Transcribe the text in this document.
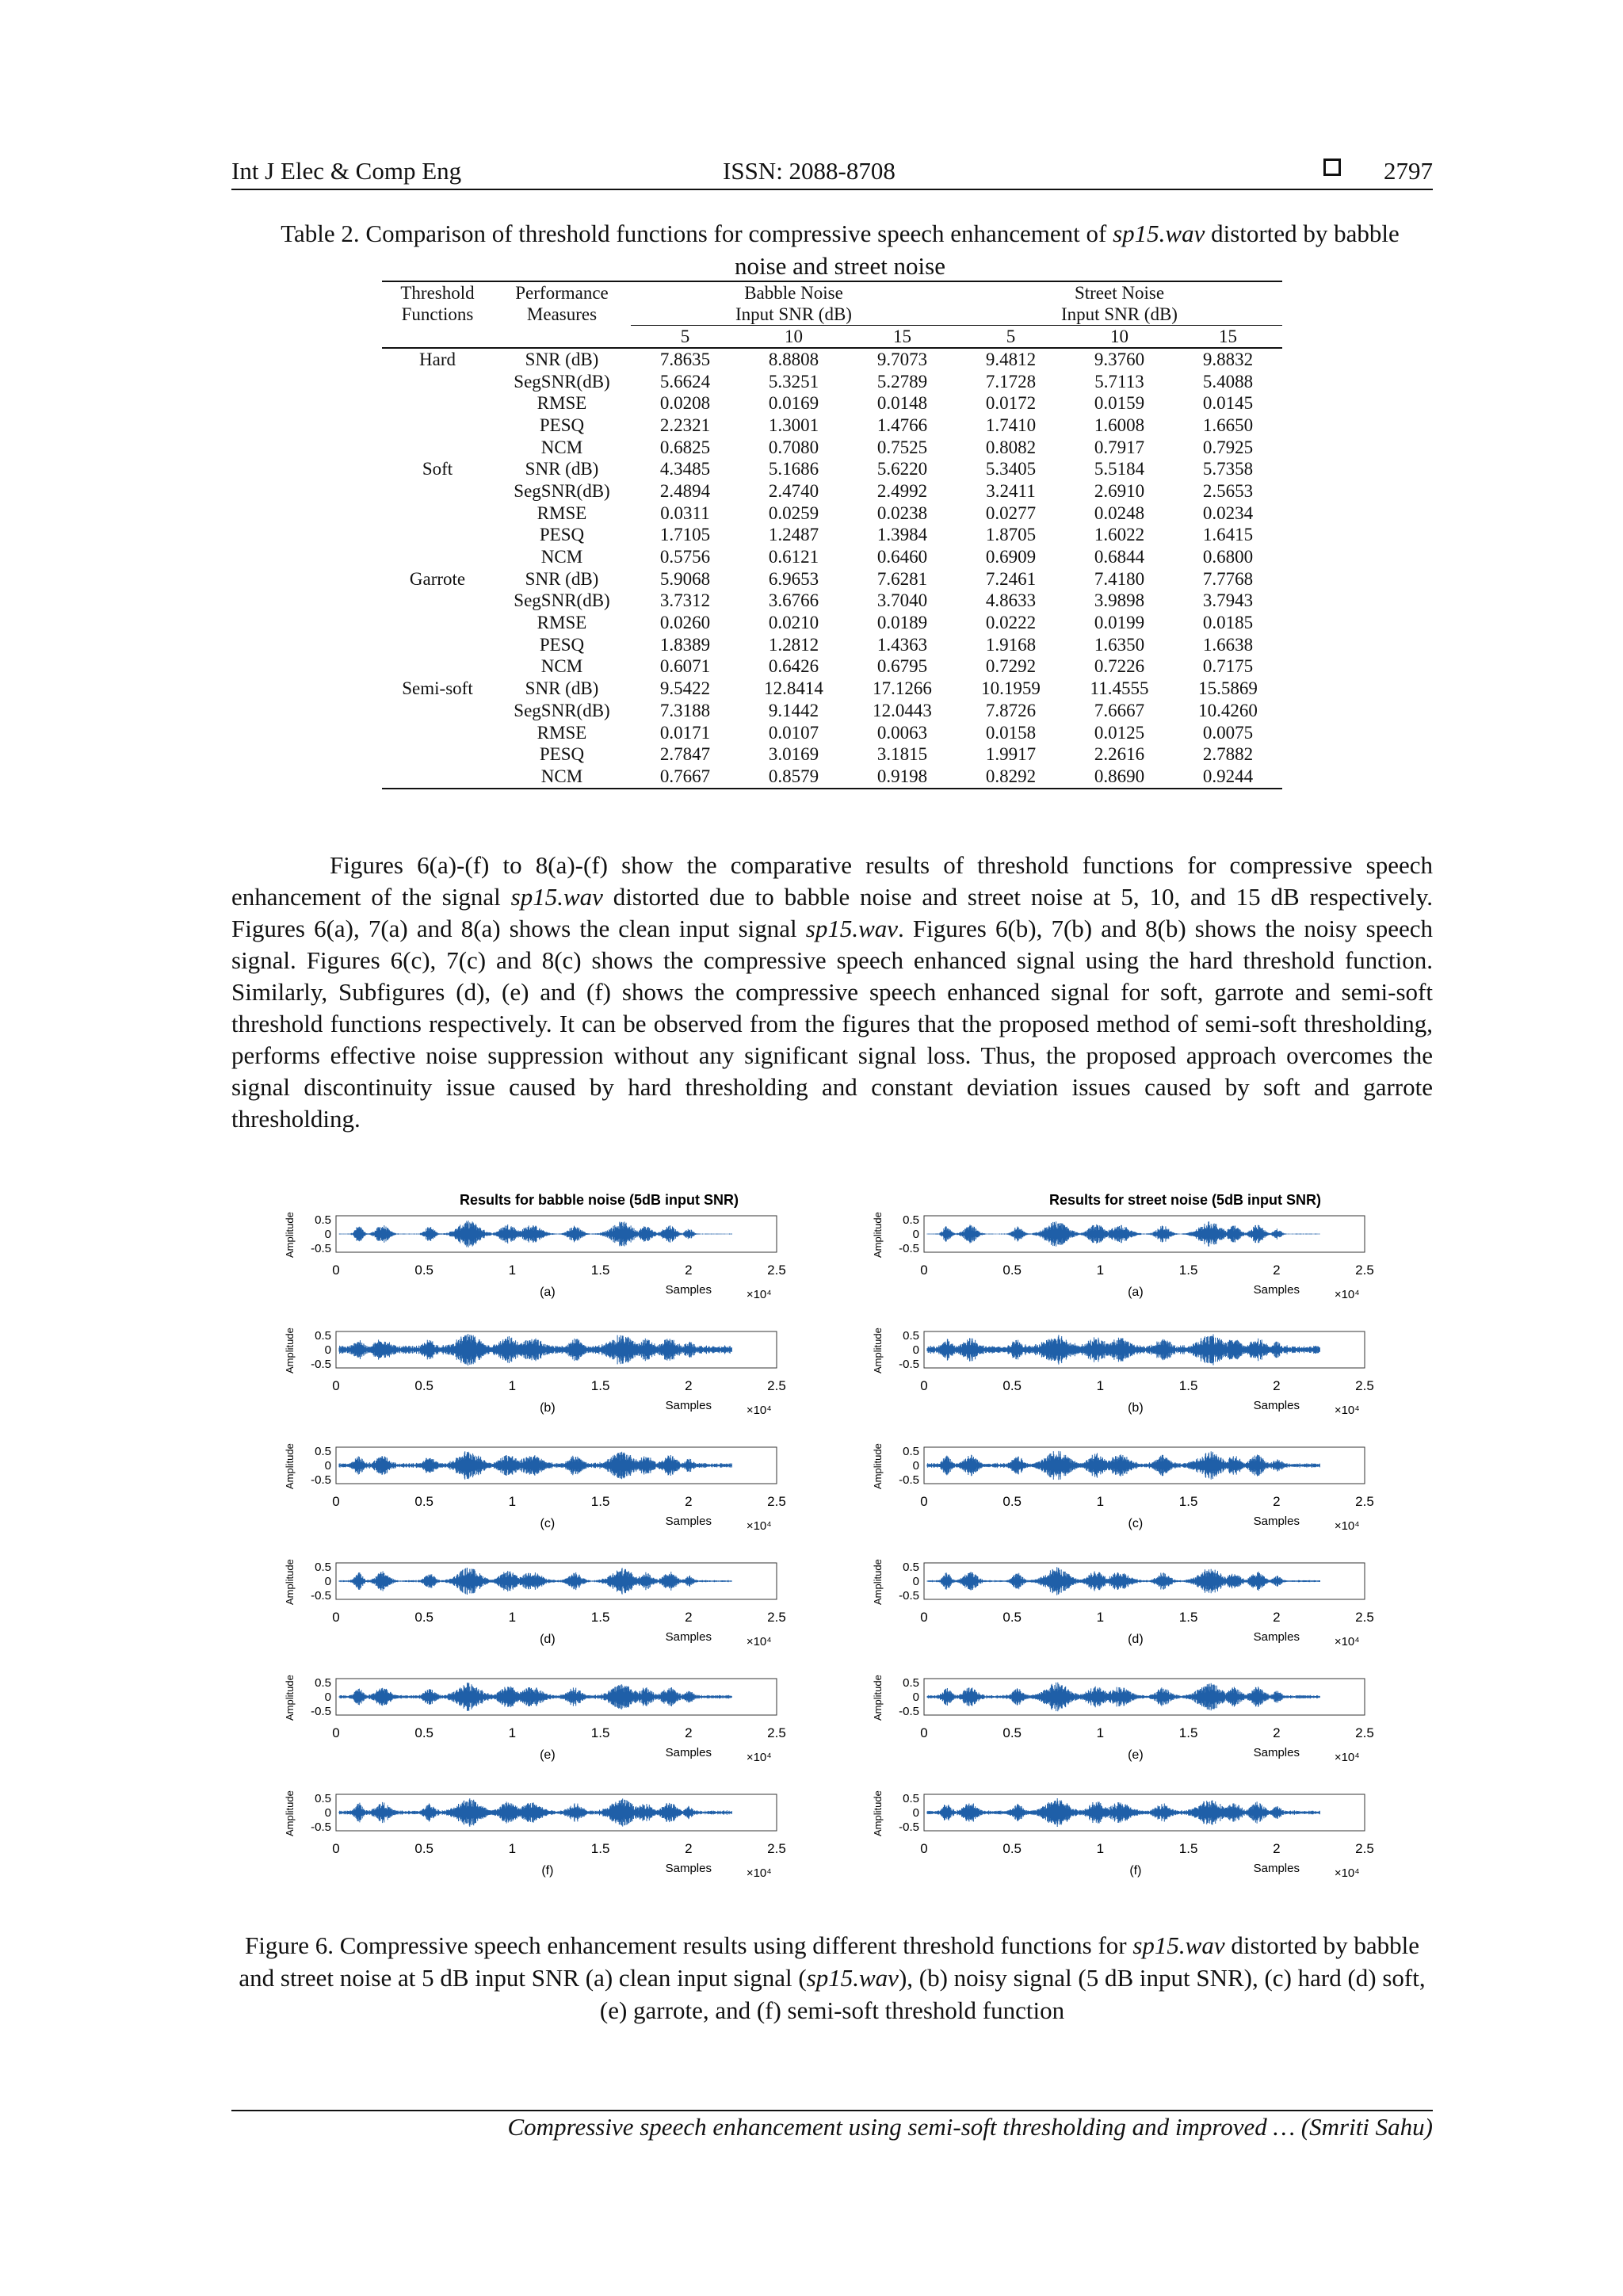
Int J Elec & Comp Eng	ISSN: 2088-8708	2797
Table 2. Comparison of threshold functions for compressive speech enhancement of sp15.wav distorted by babble noise and street noise
Threshold Functions	Performance Measures	Babble Noise			Street Noise		
		Input SNR (dB)			Input SNR (dB)		
		5	10	15	5	10	15
Hard	SNR (dB)	7.8635	8.8808	9.7073	9.4812	9.3760	9.8832
	SegSNR(dB)	5.6624	5.3251	5.2789	7.1728	5.7113	5.4088
	RMSE	0.0208	0.0169	0.0148	0.0172	0.0159	0.0145
	PESQ	2.2321	1.3001	1.4766	1.7410	1.6008	1.6650
	NCM	0.6825	0.7080	0.7525	0.8082	0.7917	0.7925
Soft	SNR (dB)	4.3485	5.1686	5.6220	5.3405	5.5184	5.7358
	SegSNR(dB)	2.4894	2.4740	2.4992	3.2411	2.6910	2.5653
	RMSE	0.0311	0.0259	0.0238	0.0277	0.0248	0.0234
	PESQ	1.7105	1.2487	1.3984	1.8705	1.6022	1.6415
	NCM	0.5756	0.6121	0.6460	0.6909	0.6844	0.6800
Garrote	SNR (dB)	5.9068	6.9653	7.6281	7.2461	7.4180	7.7768
	SegSNR(dB)	3.7312	3.6766	3.7040	4.8633	3.9898	3.7943
	RMSE	0.0260	0.0210	0.0189	0.0222	0.0199	0.0185
	PESQ	1.8389	1.2812	1.4363	1.9168	1.6350	1.6638
	NCM	0.6071	0.6426	0.6795	0.7292	0.7226	0.7175
Semi-soft	SNR (dB)	9.5422	12.8414	17.1266	10.1959	11.4555	15.5869
	SegSNR(dB)	7.3188	9.1442	12.0443	7.8726	7.6667	10.4260
	RMSE	0.0171	0.0107	0.0063	0.0158	0.0125	0.0075
	PESQ	2.7847	3.0169	3.1815	1.9917	2.2616	2.7882
	NCM	0.7667	0.8579	0.9198	0.8292	0.8690	0.9244

Figures 6(a)-(f) to 8(a)-(f) show the comparative results of threshold functions for compressive speech enhancement of the signal sp15.wav distorted due to babble noise and street noise at 5, 10, and 15 dB respectively. Figures 6(a), 7(a) and 8(a) shows the clean input signal sp15.wav. Figures 6(b), 7(b) and 8(b) shows the noisy speech signal. Figures 6(c), 7(c) and 8(c) shows the compressive speech enhanced signal using the hard threshold function. Similarly, Subfigures (d), (e) and (f) shows the compressive speech enhanced signal for soft, garrote and semi-soft threshold functions respectively. It can be observed from the figures that the proposed method of semi-soft thresholding, performs effective noise suppression without any significant signal loss. Thus, the proposed approach overcomes the signal discontinuity issue caused by hard thresholding and constant deviation issues caused by soft and garrote thresholding.

Results for babble noise (5dB input SNR)
Amplitude 0.5
0
-0.5
0	0.5	1	1.5	2	2.5
(a)	Samples	×10⁴
Amplitude 0.5
0
-0.5
0	0.5	1	1.5	2	2.5
(b)	Samples	×10⁴
Amplitude 0.5
0
-0.5
0	0.5	1	1.5	2	2.5
(c)	Samples	×10⁴
Amplitude 0.5
0
-0.5
0	0.5	1	1.5	2	2.5
(d)	Samples	×10⁴
Amplitude 0.5
0
-0.5
0	0.5	1	1.5	2	2.5
(e)	Samples	×10⁴
Amplitude 0.5
0
-0.5
0	0.5	1	1.5	2	2.5
(f)	Samples	×10⁴
Results for street noise (5dB input SNR)
Amplitude 0.5
0
-0.5
0	0.5	1	1.5	2	2.5
(a)	Samples	×10⁴
Amplitude 0.5
0
-0.5
0	0.5	1	1.5	2	2.5
(b)	Samples	×10⁴
Amplitude 0.5
0
-0.5
0	0.5	1	1.5	2	2.5
(c)	Samples	×10⁴
Amplitude 0.5
0
-0.5
0	0.5	1	1.5	2	2.5
(d)	Samples	×10⁴
Amplitude 0.5
0
-0.5
0	0.5	1	1.5	2	2.5
(e)	Samples	×10⁴
Amplitude 0.5
0
-0.5
0	0.5	1	1.5	2	2.5
(f)	Samples	×10⁴
Figure 6. Compressive speech enhancement results using different threshold functions for sp15.wav distorted by babble and street noise at 5 dB input SNR (a) clean input signal (sp15.wav), (b) noisy signal (5 dB input SNR), (c) hard (d) soft, (e) garrote, and (f) semi-soft threshold function
Compressive speech enhancement using semi-soft thresholding and improved … (Smriti Sahu)
